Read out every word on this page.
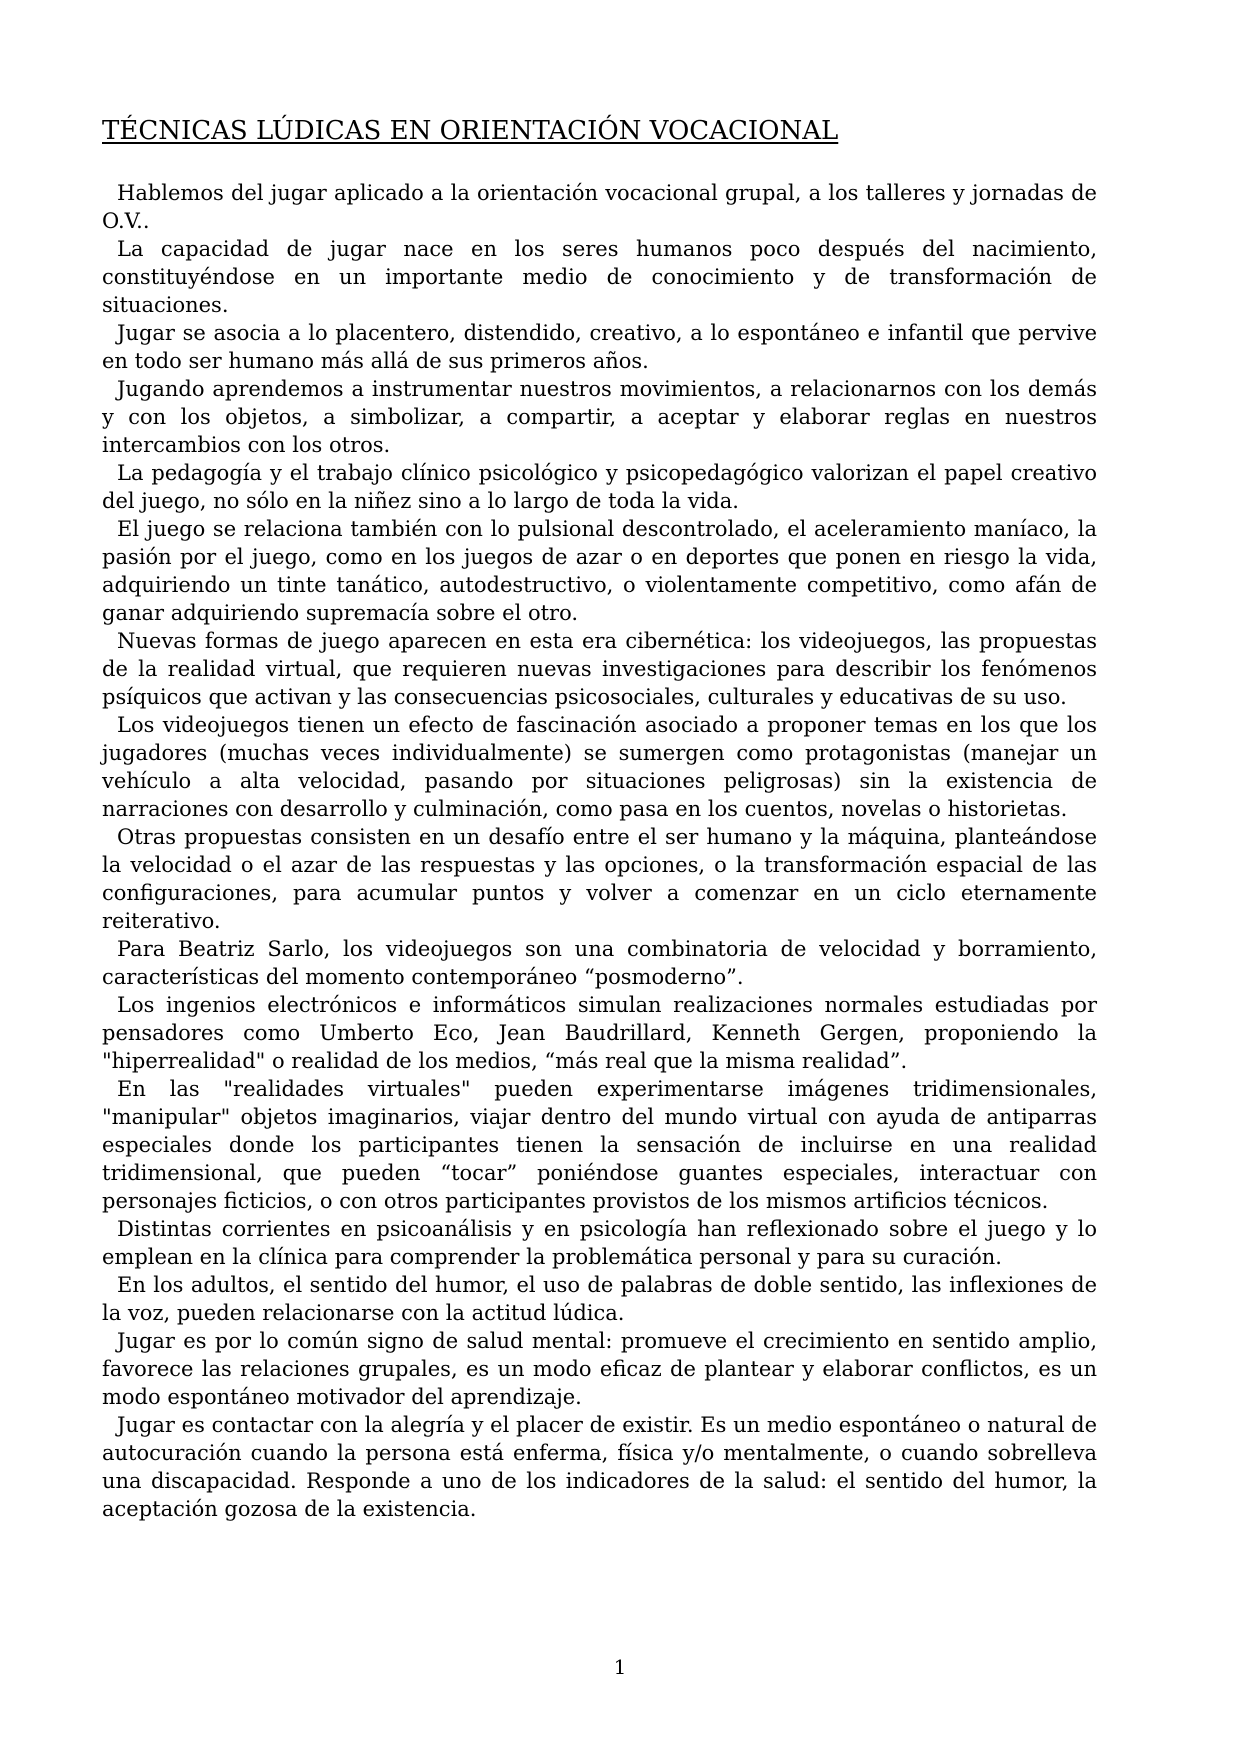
TÉCNICAS LÚDICAS EN ORIENTACIÓN VOCACIONAL

Hablemos del jugar aplicado a la orientación vocacional grupal, a los talleres y jornadas de O.V..

La capacidad de jugar nace en los seres humanos poco después del nacimiento, constituyéndose en un importante medio de conocimiento y de transformación de situaciones.

Jugar se asocia a lo placentero, distendido, creativo, a lo espontáneo e infantil que pervive en todo ser humano más allá de sus primeros años.

Jugando aprendemos a instrumentar nuestros movimientos, a relacionarnos con los demás y con los objetos, a simbolizar, a compartir, a aceptar y elaborar reglas en nuestros intercambios con los otros.

La pedagogía y el trabajo clínico psicológico y psicopedagógico valorizan el papel creativo del juego, no sólo en la niñez sino a lo largo de toda la vida.

El juego se relaciona también con lo pulsional descontrolado, el aceleramiento maníaco, la pasión por el juego, como en los juegos de azar o en deportes que ponen en riesgo la vida, adquiriendo un tinte tanático, autodestructivo, o violentamente competitivo, como afán de ganar adquiriendo supremacía sobre el otro.

Nuevas formas de juego aparecen en esta era cibernética: los videojuegos, las propuestas de la realidad virtual, que requieren nuevas investigaciones para describir los fenómenos psíquicos que activan y las consecuencias psicosociales, culturales y educativas de su uso.

Los videojuegos tienen un efecto de fascinación asociado a proponer temas en los que los jugadores (muchas veces individualmente) se sumergen como protagonistas (manejar un vehículo a alta velocidad, pasando por situaciones peligrosas) sin la existencia de narraciones con desarrollo y culminación, como pasa en los cuentos, novelas o historietas.

Otras propuestas consisten en un desafío entre el ser humano y la máquina, planteándose la velocidad o el azar de las respuestas y las opciones, o la transformación espacial de las configuraciones, para acumular puntos y volver a comenzar en un ciclo eternamente reiterativo.

Para Beatriz Sarlo, los videojuegos son una combinatoria de velocidad y borramiento, características del momento contemporáneo “posmoderno”.

Los ingenios electrónicos e informáticos simulan realizaciones normales estudiadas por pensadores como Umberto Eco, Jean Baudrillard, Kenneth Gergen, proponiendo la "hiperrealidad" o realidad de los medios, “más real que la misma realidad”.

En las "realidades virtuales" pueden experimentarse imágenes tridimensionales, "manipular" objetos imaginarios, viajar dentro del mundo virtual con ayuda de antiparras especiales donde los participantes tienen la sensación de incluirse en una realidad tridimensional, que pueden “tocar” poniéndose guantes especiales, interactuar con personajes ficticios, o con otros participantes provistos de los mismos artificios técnicos.

Distintas corrientes en psicoanálisis y en psicología han reflexionado sobre el juego y lo emplean en la clínica para comprender la problemática personal y para su curación.

En los adultos, el sentido del humor, el uso de palabras de doble sentido, las inflexiones de la voz, pueden relacionarse con la actitud lúdica.

Jugar es por lo común signo de salud mental: promueve el crecimiento en sentido amplio, favorece las relaciones grupales, es un modo eficaz de plantear y elaborar conflictos, es un modo espontáneo motivador del aprendizaje.

Jugar es contactar con la alegría y el placer de existir. Es un medio espontáneo o natural de autocuración cuando la persona está enferma, física y/o mentalmente, o cuando sobrelleva una discapacidad. Responde a uno de los indicadores de la salud: el sentido del humor, la aceptación gozosa de la existencia.

1
